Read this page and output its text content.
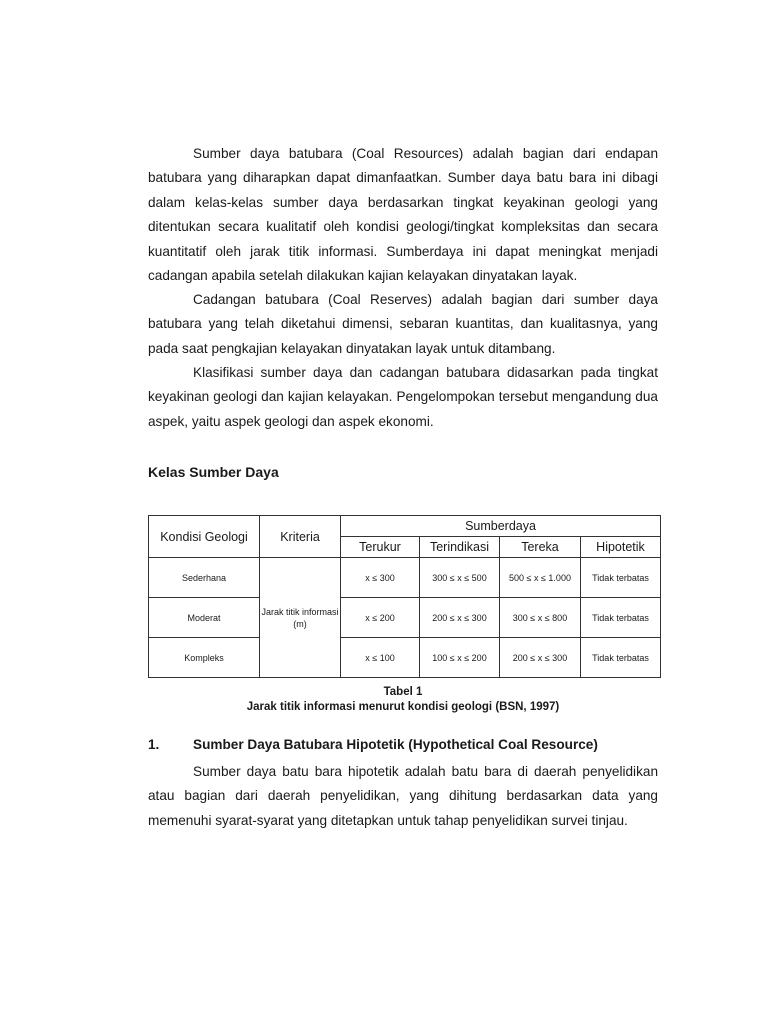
Sumber daya batubara (Coal Resources) adalah bagian dari endapan batubara yang diharapkan dapat dimanfaatkan. Sumber daya batu bara ini dibagi dalam kelas-kelas sumber daya berdasarkan tingkat keyakinan geologi yang ditentukan secara kualitatif oleh kondisi geologi/tingkat kompleksitas dan secara kuantitatif oleh jarak titik informasi. Sumberdaya ini dapat meningkat menjadi cadangan apabila setelah dilakukan kajian kelayakan dinyatakan layak.

Cadangan batubara (Coal Reserves) adalah bagian dari sumber daya batubara yang telah diketahui dimensi, sebaran kuantitas, dan kualitasnya, yang pada saat pengkajian kelayakan dinyatakan layak untuk ditambang.

Klasifikasi sumber daya dan cadangan batubara didasarkan pada tingkat keyakinan geologi dan kajian kelayakan. Pengelompokan tersebut mengandung dua aspek, yaitu aspek geologi dan aspek ekonomi.

Kelas Sumber Daya
Kondisi Geologi	Kriteria	Sumberdaya			
		Terukur	Terindikasi	Tereka	Hipotetik
Sederhana	Jarak titik informasi (m)	x ≤ 300	300 ≤ x ≤ 500	500 ≤ x ≤ 1.000	Tidak terbatas
Moderat		x ≤ 200	200 ≤ x ≤ 300	300 ≤ x ≤ 800	Tidak terbatas
Kompleks		x ≤ 100	100 ≤ x ≤ 200	200 ≤ x ≤ 300	Tidak terbatas

Tabel 1

Jarak titik informasi menurut kondisi geologi (BSN, 1997)

1. Sumber Daya Batubara Hipotetik (Hypothetical Coal Resource)

Sumber daya batu bara hipotetik adalah batu bara di daerah penyelidikan atau bagian dari daerah penyelidikan, yang dihitung berdasarkan data yang memenuhi syarat-syarat yang ditetapkan untuk tahap penyelidikan survei tinjau.
